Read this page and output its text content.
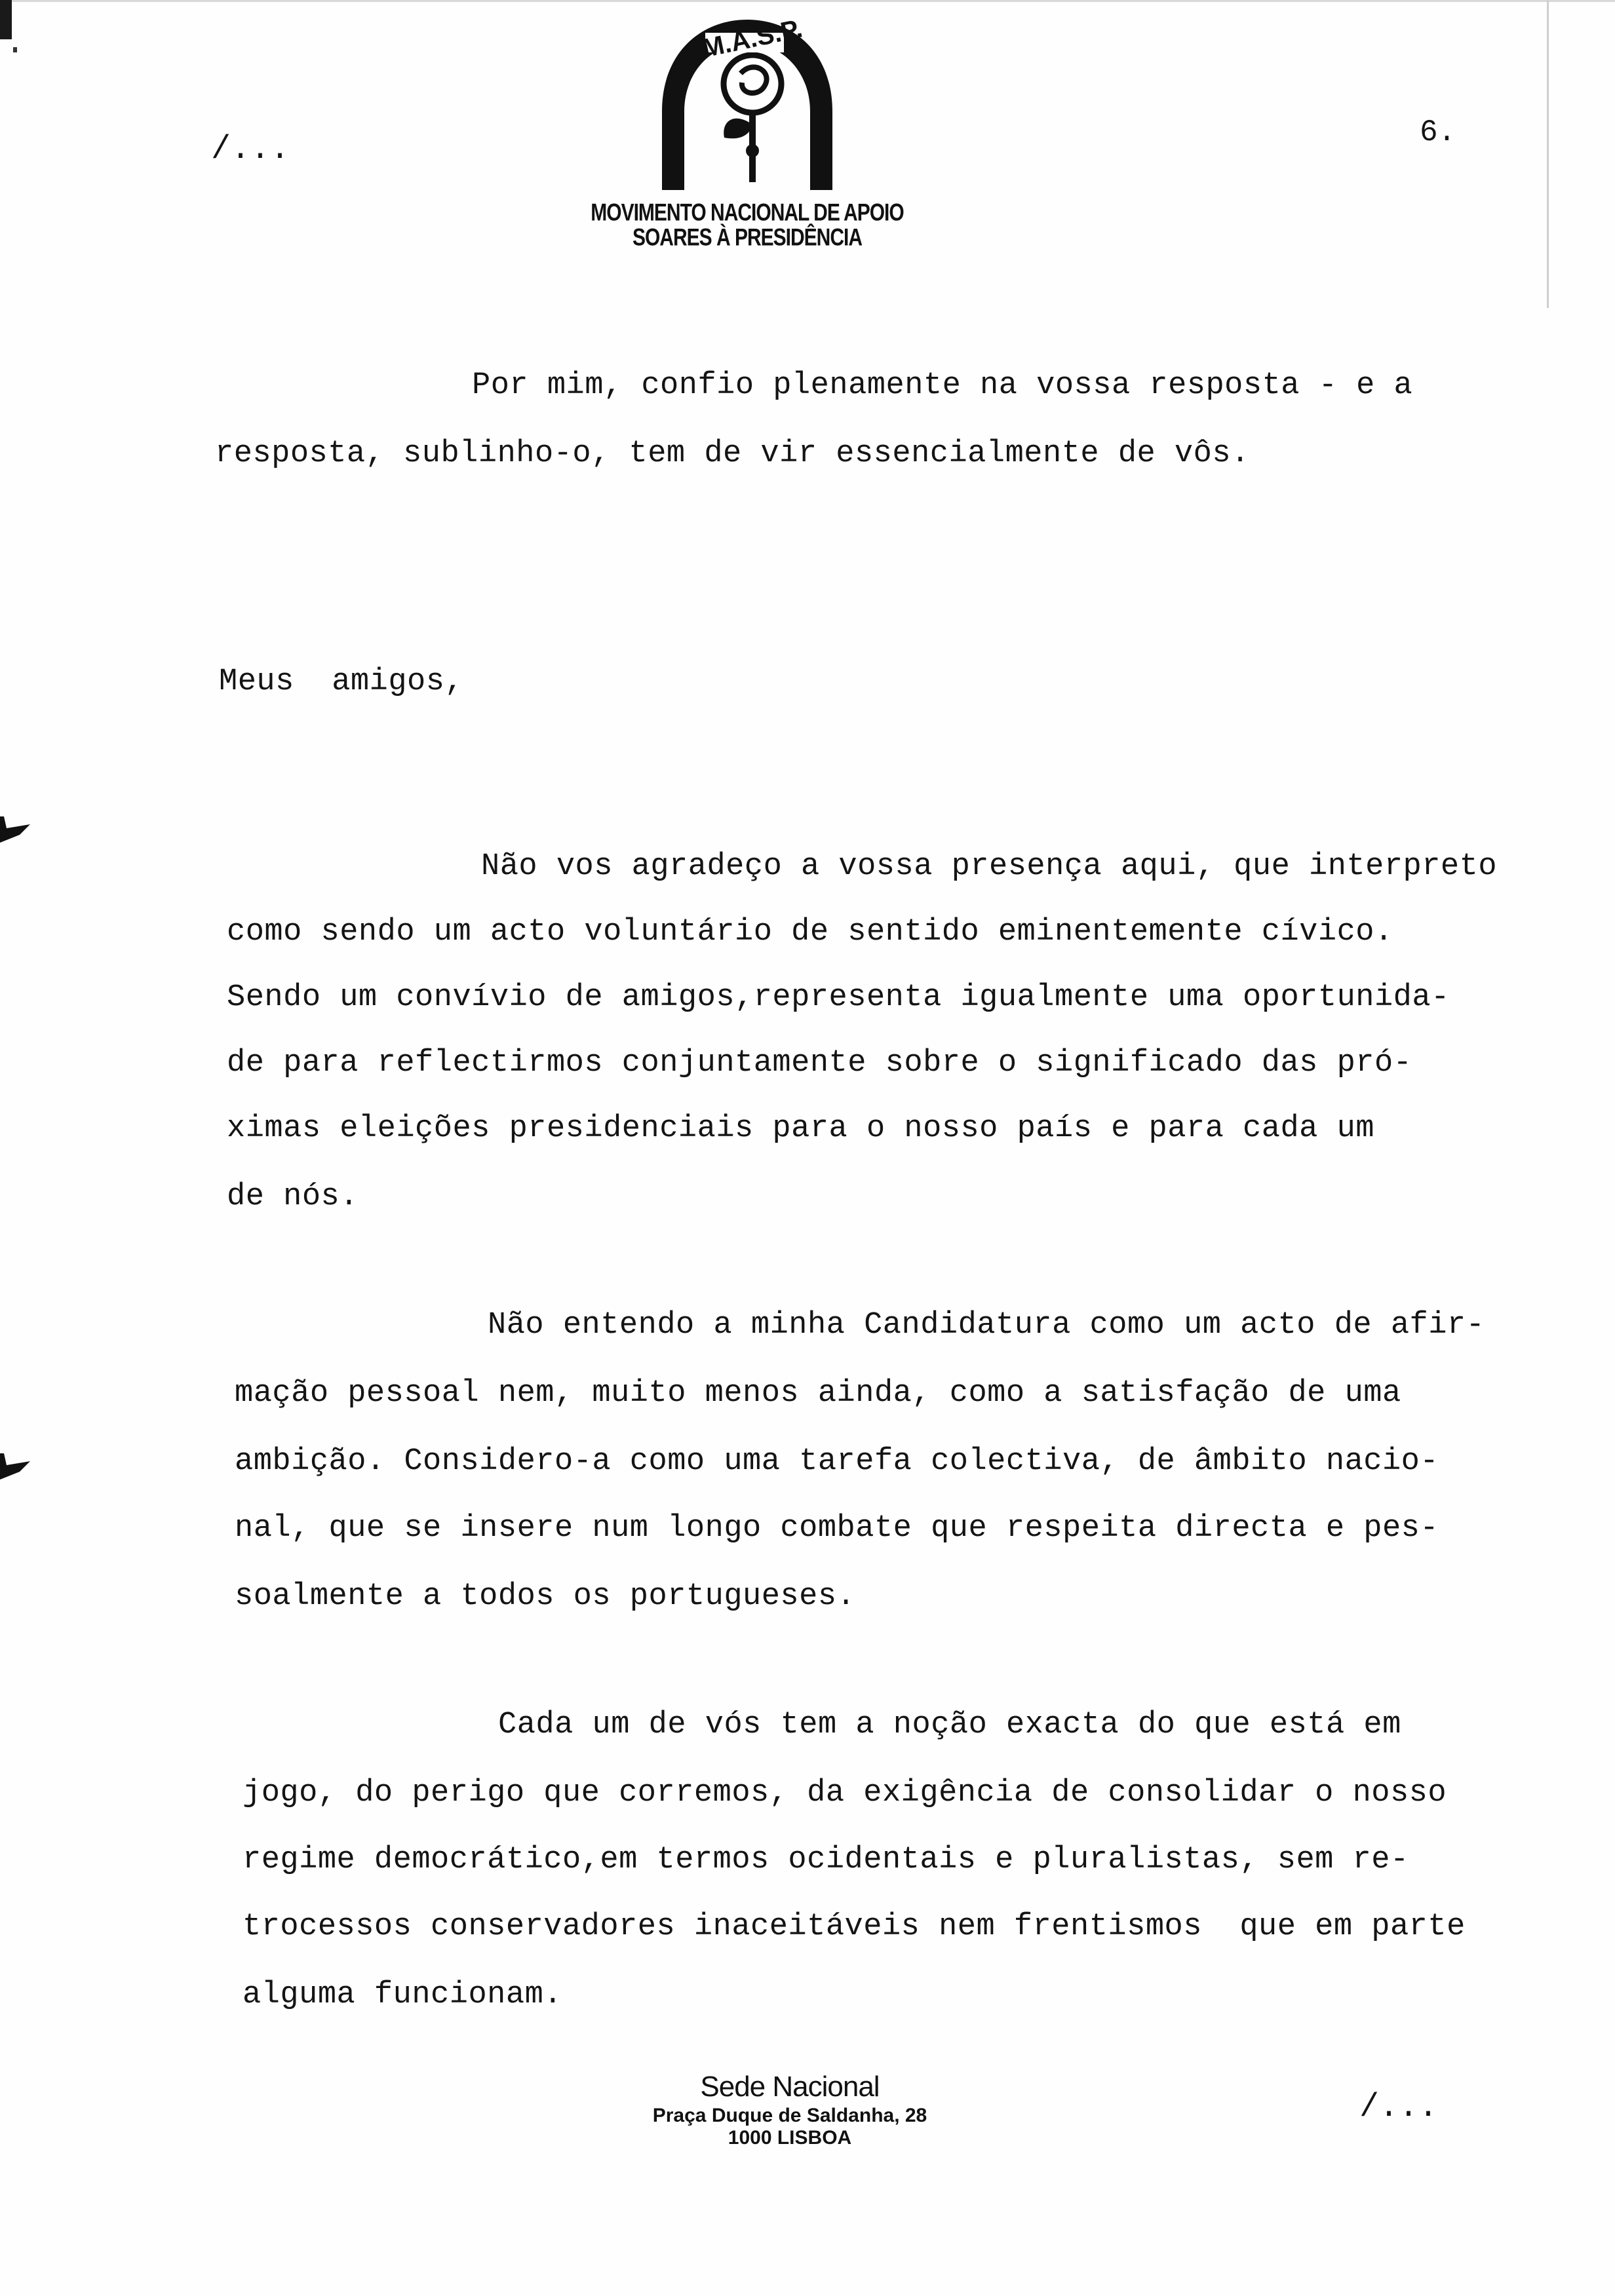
/...	6.
M.A.S.P.
MOVIMENTO NACIONAL DE APOIO
SOARES À PRESIDÊNCIA
Por mim, confio plenamente na vossa resposta - e a
resposta, sublinho-o, tem de vir essencialmente de vôs.
Meus  amigos,
Não vos agradeço a vossa presença aqui, que interpreto
como sendo um acto voluntário de sentido eminentemente cívico.
Sendo um convívio de amigos,representa igualmente uma oportunida-
de para reflectirmos conjuntamente sobre o significado das pró-
ximas eleições presidenciais para o nosso país e para cada um
de nós.
Não entendo a minha Candidatura como um acto de afir-
mação pessoal nem, muito menos ainda, como a satisfação de uma
ambição. Considero-a como uma tarefa colectiva, de âmbito nacio-
nal, que se insere num longo combate que respeita directa e pes-
soalmente a todos os portugueses.
Cada um de vós tem a noção exacta do que está em
jogo, do perigo que corremos, da exigência de consolidar o nosso
regime democrático,em termos ocidentais e pluralistas, sem re-
trocessos conservadores inaceitáveis nem frentismos  que em parte
alguma funcionam.
Sede Nacional
Praça Duque de Saldanha, 28
1000 LISBOA
/...
